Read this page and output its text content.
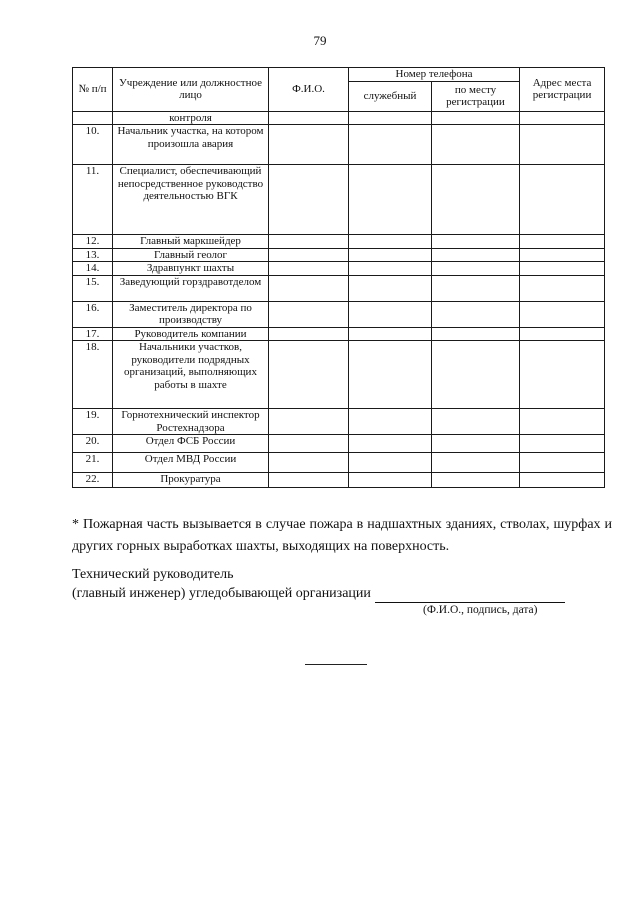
79
№ п/п	Учреждение или должностное лицо	Ф.И.О.	Номер телефона		Адрес места регистрации
			служебный	по месту регистрации	
	контроля				
10.	Начальник участка, на котором произошла авария				
11.	Специалист, обеспечивающий непосредственное руководство деятельностью ВГК				
12.	Главный маркшейдер				
13.	Главный геолог				
14.	Здравпункт шахты				
15.	Заведующий горздравотделом				
16.	Заместитель директора по производству				
17.	Руководитель компании				
18.	Начальники участков, руководители подрядных организаций, выполняющих работы в шахте				
19.	Горнотехнический инспектор Ростехнадзора				
20.	Отдел ФСБ России				
21.	Отдел МВД России				
22.	Прокуратура				
* Пожарная часть вызывается в случае пожара в надшахтных зданиях, стволах, шурфах и других горных выработках шахты, выходящих на поверхность.
Технический руководитель
(главный инженер) угледобывающей организации
(Ф.И.О., подпись, дата)
